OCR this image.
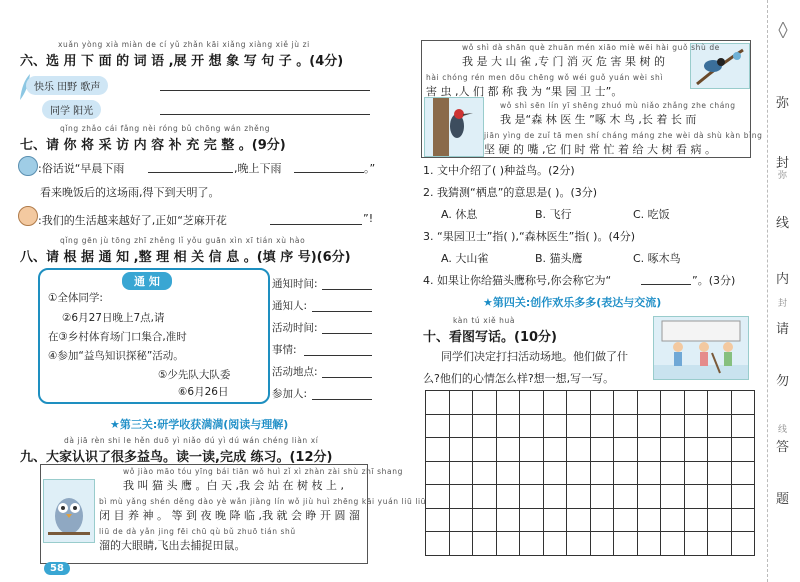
xuǎn yòng xià miàn de cí yǔ zhǎn kāi xiǎng xiàng xiě jù zi
六、选 用 下 面 的 词 语 ,展 开 想 象 写 句 子 。(4分)
快乐 田野 歌声
同学 阳光
qǐng zhǎo cái fǎng nèi róng bǔ chōng wán zhěng
七、请 你 将 采 访 内 容 补 充 完 整 。(9分)
:俗话说“早晨下雨	,晚上下雨	。”
看来晚饭后的这场雨,得下到天明了。
:我们的生活越来越好了,正如“芝麻开花	”!
qǐng gēn jù tōng zhī zhěng lǐ yǒu guān xìn xī tián xù hào
八、请 根 据 通 知 ,整 理 相 关 信 息 。(填 序 号)(6分)
通 知
①全体同学:
②6月27日晚上7点,请
在③乡村体育场门口集合,准时
④参加“益鸟知识探秘”活动。
⑤少先队大队委
⑥6月26日
通知时间:
通知人:
活动时间:
事情:
活动地点:
参加人:
★第三关:研学收获满满(阅读与理解)
dà jiā rèn shi le hěn duō yì niǎo dú yì dú wán chéng liàn xí
九、大家认识了很多益鸟。读一读,完成 练习。(12分)
wǒ jiào māo tóu yīng bái tiān wǒ huì zǐ xì zhàn zài shù zhī shang
我 叫 猫 头 鹰 。白 天 ,我 会 站 在 树 枝 上 ,
bì mù yǎng shén děng dào yè wǎn jiàng lín wǒ jiù huì zhēng kāi yuán liū liū
闭 目 养 神 。 等 到 夜 晚 降 临 ,我 就 会 睁 开 圆 溜
liū de dà yǎn jing fēi chū qù bǔ zhuō tián shǔ
溜的大眼睛,飞出去捕捉田鼠。
58
wǒ shì dà shān què zhuān mén xiāo miè wēi hài guǒ shù de
我 是 大 山 雀 ,专 门 消 灭 危 害 果 树 的
hài chóng rén men dōu chēng wǒ wéi guǒ yuán wèi shì
害 虫 ,人 们 都 称 我 为 “果 园 卫 士”。
wǒ shì sēn lín yī shēng zhuó mù niǎo zhǎng zhe cháng
我 是“森 林 医 生 ”啄 木 鸟 ,长 着 长 而
jiān yìng de zuǐ tā men shí cháng máng zhe wèi dà shù kàn bìng
坚 硬 的 嘴 ,它 们 时 常 忙 着 给 大 树 看 病 。
1. 文中介绍了( )种益鸟。(2分)
2. 我猜测“栖息”的意思是( )。(3分)
A. 休息	B. 飞行	C. 吃饭
3. “果园卫士”指( ),“森林医生”指( )。(4分)
A. 大山雀	B. 猫头鹰	C. 啄木鸟
4. 如果让你给猫头鹰称号,你会称它为“	”。(3分)
★第四关:创作欢乐多多(表达与交流)
kàn tú xiě huà
十、看图写话。(10分)
同学们决定打扫活动场地。他们做了什
么?他们的心情怎么样?想一想,写一写。

弥
弥
封
线
内
封
请
勿
线
答
题
